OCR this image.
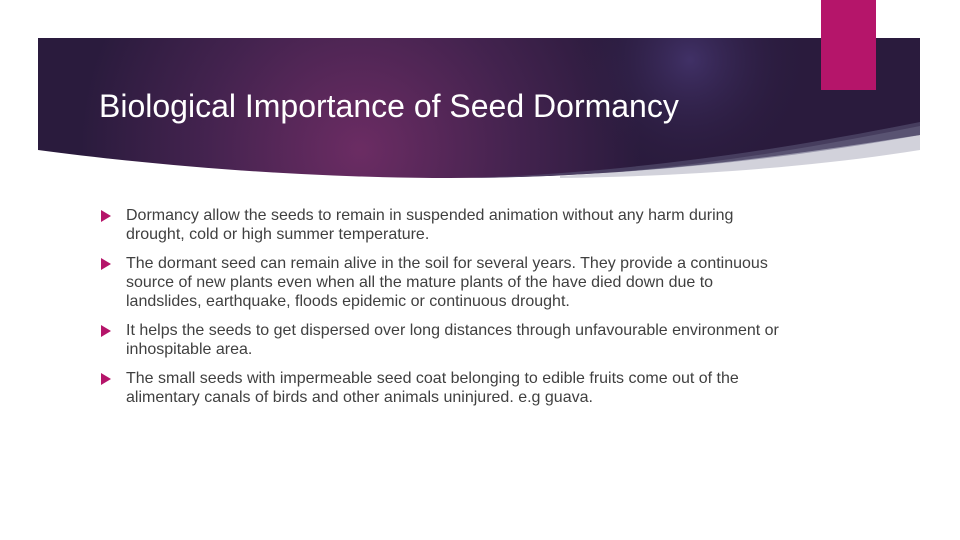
Biological Importance of Seed Dormancy
Dormancy allow the seeds to remain in suspended animation without any harm during drought, cold or high summer temperature.
The dormant seed can remain alive in the soil for several years. They provide a continuous source of new plants even when all the mature plants of the have died down due to landslides, earthquake, floods epidemic or continuous drought.
It helps the seeds to get dispersed over long distances through unfavourable environment or inhospitable area.
The small seeds with impermeable seed coat belonging to edible fruits come out of the alimentary canals of birds and other animals uninjured. e.g guava.
